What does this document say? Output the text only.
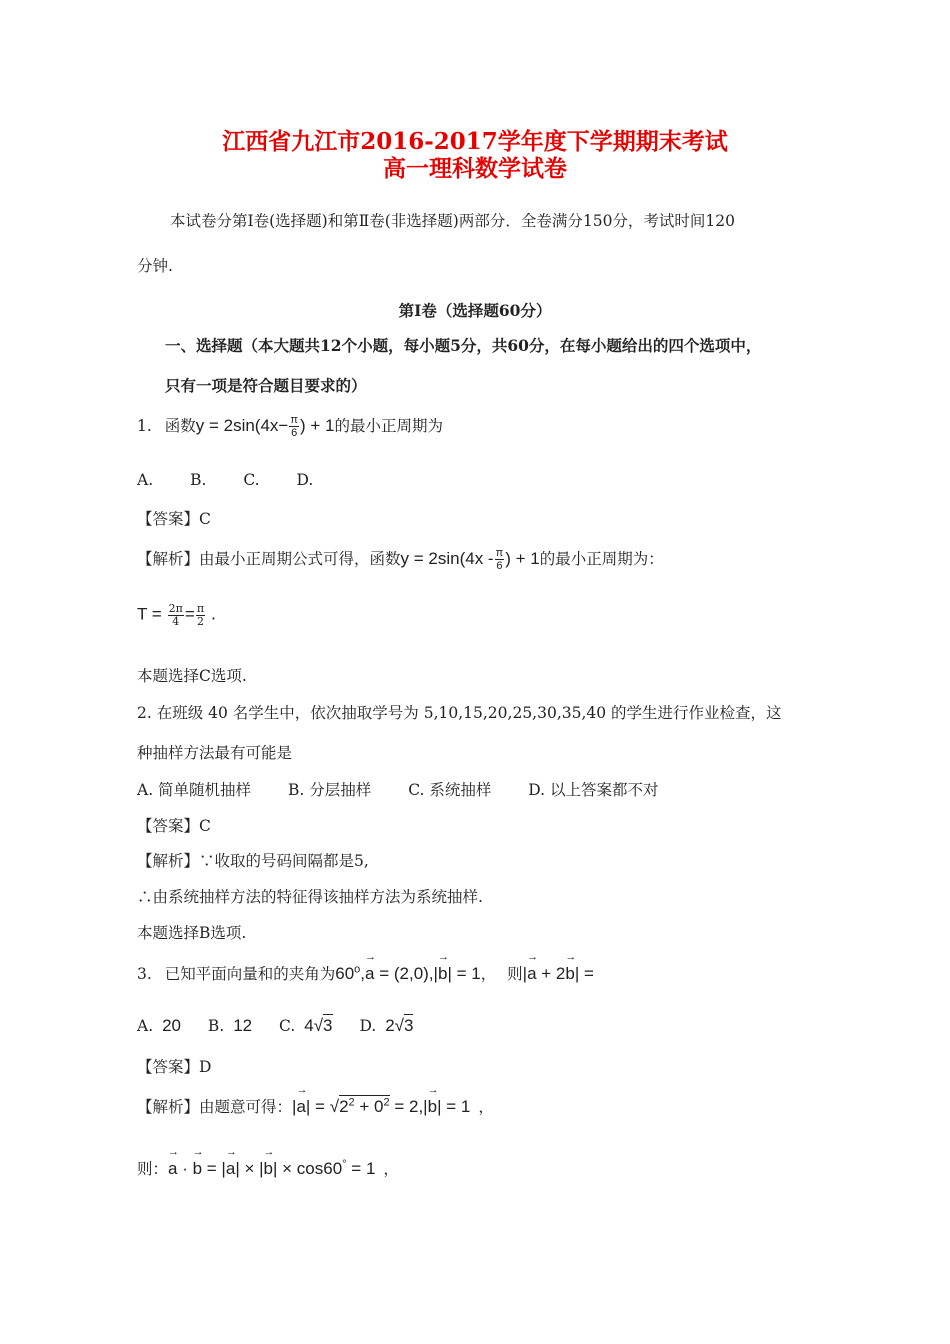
江西省九江市2016-2017学年度下学期期末考试
高一理科数学试卷
本试卷分第Ⅰ卷(选择题)和第Ⅱ卷(非选择题)两部分．全卷满分150分，考试时间120
分钟.
第Ⅰ卷（选择题60分）
一、选择题（本大题共12个小题，每小题5分，共60分，在每小题给出的四个选项中，
只有一项是符合题目要求的）
1. 函数$y = 2\sin(4x- \frac{\pi}{6}$ ) + 1的最小正周期为
A. B. C. D.
【答案】C
【解析】由最小正周期公式可得，函数$y = 2\sin(4x - \frac{\pi}{6}$ ) + 1的最小正周期为：
$T = \frac{2\pi}{4} = \frac{\pi}{2}$ .
本题选择C选项.
2. 在班级 40 名学生中，依次抽取学号为 5,10,15,20,25,30,35,40 的学生进行作业检查，这
种抽样方法最有可能是
A. 简单随机抽样 B. 分层抽样 C. 系统抽样 D. 以上答案都不对
【答案】C
【解析】∵收取的号码间隔都是5,
∴由系统抽样方法的特征得该抽样方法为系统抽样.
本题选择B选项.
3. 已知平面向量和的夹角为$60^o,\to a = (2,0),|\to b| = 1$， 则|→ a + 2→ b| =
A. 20 B. 12 C. 4√3 D. 2√3
【答案】D
【解析】由题意可得：|→ $a| = √2^2 + 0^2 = 2,|\to b| = 1$ ，
则：→ a · → b = |→ a| × |→ b| × cos60° = 1 ，
